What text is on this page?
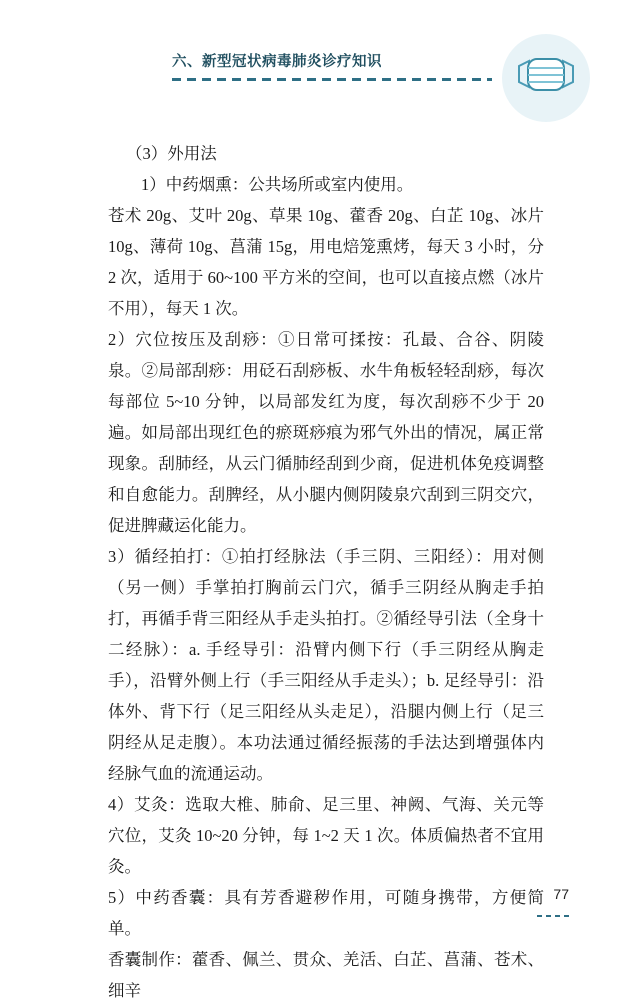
六、新型冠状病毒肺炎诊疗知识

（3）外用法

1）中药烟熏：公共场所或室内使用。

苍术 20g、艾叶 20g、草果 10g、藿香 20g、白芷 10g、冰片 10g、薄荷 10g、菖蒲 15g，用电焙笼熏烤，每天 3 小时，分 2 次，适用于 60~100 平方米的空间，也可以直接点燃（冰片不用），每天 1 次。

2）穴位按压及刮痧：①日常可揉按：孔最、合谷、阴陵泉。②局部刮痧：用砭石刮痧板、水牛角板轻轻刮痧，每次每部位 5~10 分钟，以局部发红为度，每次刮痧不少于 20 遍。如局部出现红色的瘀斑痧痕为邪气外出的情况，属正常现象。刮肺经，从云门循肺经刮到少商，促进机体免疫调整和自愈能力。刮脾经，从小腿内侧阴陵泉穴刮到三阴交穴，促进脾藏运化能力。

3）循经拍打：①拍打经脉法（手三阴、三阳经）：用对侧（另一侧）手掌拍打胸前云门穴，循手三阴经从胸走手拍打，再循手背三阳经从手走头拍打。②循经导引法（全身十二经脉）：a. 手经导引：沿臂内侧下行（手三阴经从胸走手），沿臂外侧上行（手三阳经从手走头）；b. 足经导引：沿体外、背下行（足三阳经从头走足），沿腿内侧上行（足三阴经从足走腹）。本功法通过循经振荡的手法达到增强体内经脉气血的流通运动。

4）艾灸：选取大椎、肺俞、足三里、神阙、气海、关元等穴位，艾灸 10~20 分钟，每 1~2 天 1 次。体质偏热者不宜用灸。

5）中药香囊：具有芳香避秽作用，可随身携带，方便简单。

香囊制作：藿香、佩兰、贯众、羌活、白芷、菖蒲、苍术、细辛

77
